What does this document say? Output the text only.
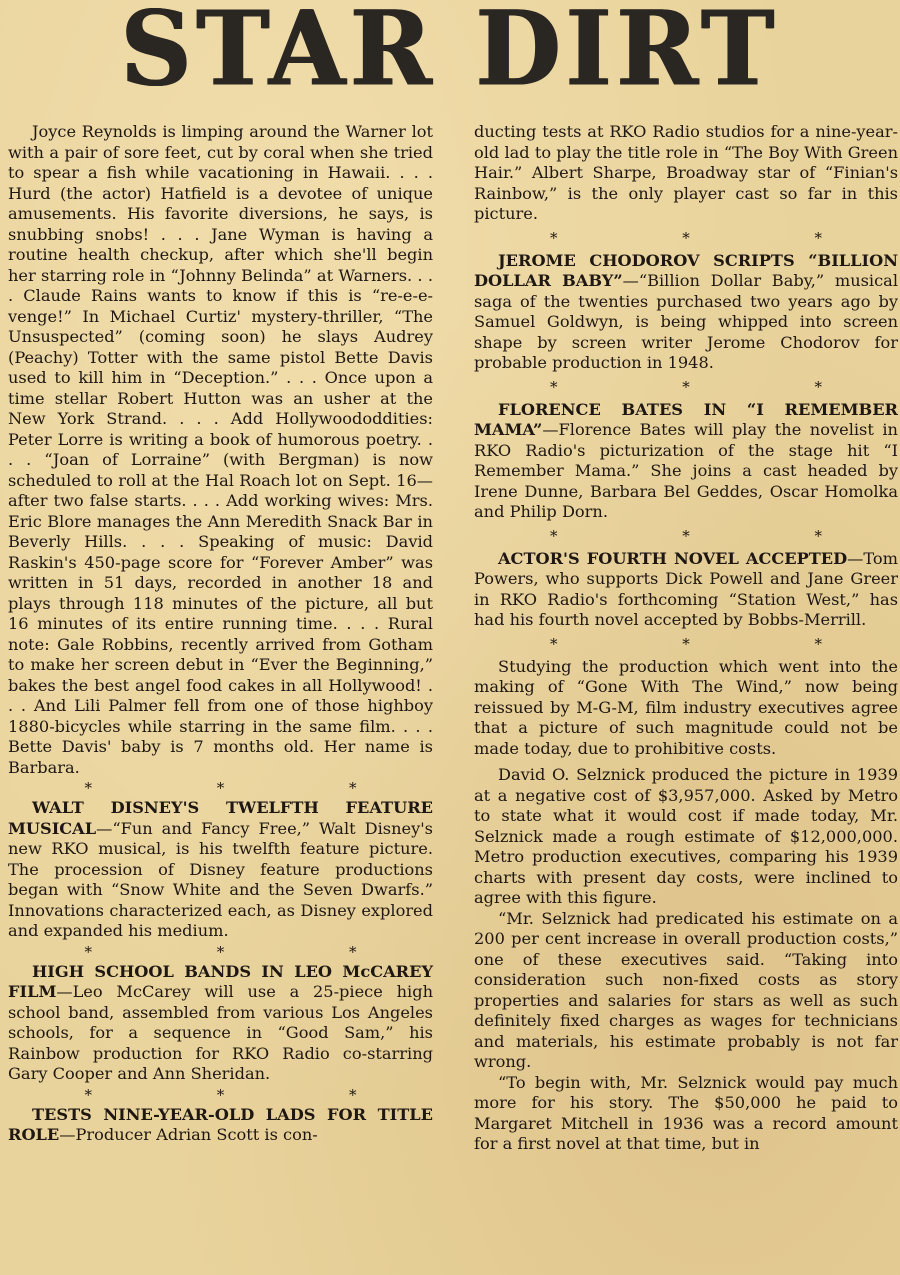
STAR DIRT

Joyce Reynolds is limping around the Warner lot with a pair of sore feet, cut by coral when she tried to spear a fish while vacationing in Hawaii. . . . Hurd (the actor) Hatfield is a devotee of unique amusements. His favorite diversions, he says, is snubbing snobs! . . . Jane Wyman is having a routine health checkup, after which she'll begin her starring role in “Johnny Belinda” at Warners. . . . Claude Rains wants to know if this is “re-e-e-venge!” In Michael Curtiz' mystery-thriller, “The Unsuspected” (coming soon) he slays Audrey (Peachy) Totter with the same pistol Bette Davis used to kill him in “Deception.” . . . Once upon a time stellar Robert Hutton was an usher at the New York Strand. . . . Add Hollywoododdities: Peter Lorre is writing a book of humorous poetry. . . . “Joan of Lorraine” (with Bergman) is now scheduled to roll at the Hal Roach lot on Sept. 16—after two false starts. . . . Add working wives: Mrs. Eric Blore manages the Ann Meredith Snack Bar in Beverly Hills. . . . Speaking of music: David Raskin's 450-page score for “Forever Amber” was written in 51 days, recorded in another 18 and plays through 118 minutes of the picture, all but 16 minutes of its entire running time. . . . Rural note: Gale Robbins, recently arrived from Gotham to make her screen debut in “Ever the Beginning,” bakes the best angel food cakes in all Hollywood! . . . And Lili Palmer fell from one of those highboy 1880-bicycles while starring in the same film. . . . Bette Davis' baby is 7 months old. Her name is Barbara.

* * *

WALT DISNEY'S TWELFTH FEATURE MUSICAL—“Fun and Fancy Free,” Walt Disney's new RKO musical, is his twelfth feature picture. The procession of Disney feature productions began with “Snow White and the Seven Dwarfs.” Innovations characterized each, as Disney explored and expanded his medium.

* * *

HIGH SCHOOL BANDS IN LEO McCAREY FILM—Leo McCarey will use a 25-piece high school band, assembled from various Los Angeles schools, for a sequence in “Good Sam,” his Rainbow production for RKO Radio co-starring Gary Cooper and Ann Sheridan.

* * *

TESTS NINE-YEAR-OLD LADS FOR TITLE ROLE—Producer Adrian Scott is con-

ducting tests at RKO Radio studios for a nine-year-old lad to play the title role in “The Boy With Green Hair.” Albert Sharpe, Broadway star of “Finian's Rainbow,” is the only player cast so far in this picture.

* * *

JEROME CHODOROV SCRIPTS “BILLION DOLLAR BABY”—“Billion Dollar Baby,” musical saga of the twenties purchased two years ago by Samuel Goldwyn, is being whipped into screen shape by screen writer Jerome Chodorov for probable production in 1948.

* * *

FLORENCE BATES IN “I REMEMBER MAMA”—Florence Bates will play the novelist in RKO Radio's picturization of the stage hit “I Remember Mama.” She joins a cast headed by Irene Dunne, Barbara Bel Geddes, Oscar Homolka and Philip Dorn.

* * *

ACTOR'S FOURTH NOVEL ACCEPTED—Tom Powers, who supports Dick Powell and Jane Greer in RKO Radio's forthcoming “Station West,” has had his fourth novel accepted by Bobbs-Merrill.

* * *

Studying the production which went into the making of “Gone With The Wind,” now being reissued by M-G-M, film industry executives agree that a picture of such magnitude could not be made today, due to prohibitive costs.

David O. Selznick produced the picture in 1939 at a negative cost of $3,957,000. Asked by Metro to state what it would cost if made today, Mr. Selznick made a rough estimate of $12,000,000. Metro production executives, comparing his 1939 charts with present day costs, were inclined to agree with this figure.

“Mr. Selznick had predicated his estimate on a 200 per cent increase in overall production costs,” one of these executives said. “Taking into consideration such non-fixed costs as story properties and salaries for stars as well as such definitely fixed charges as wages for technicians and materials, his estimate probably is not far wrong.

“To begin with, Mr. Selznick would pay much more for his story. The $50,000 he paid to Margaret Mitchell in 1936 was a record amount for a first novel at that time, but in
